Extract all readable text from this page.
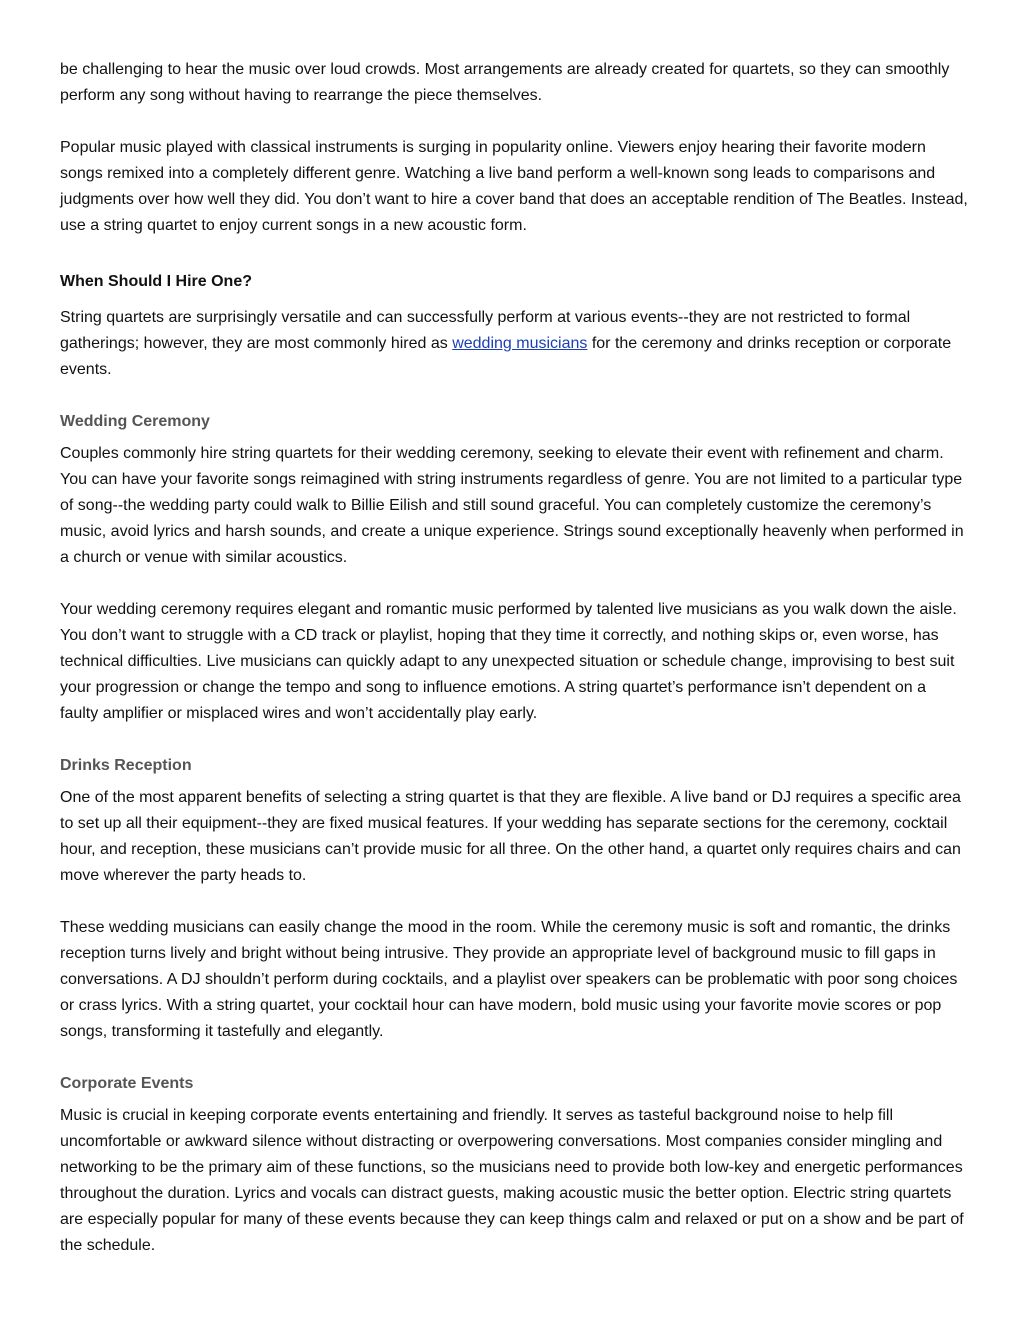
be challenging to hear the music over loud crowds. Most arrangements are already created for quartets, so they can smoothly perform any song without having to rearrange the piece themselves.

Popular music played with classical instruments is surging in popularity online. Viewers enjoy hearing their favorite modern songs remixed into a completely different genre. Watching a live band perform a well-known song leads to comparisons and judgments over how well they did. You don’t want to hire a cover band that does an acceptable rendition of The Beatles. Instead, use a string quartet to enjoy current songs in a new acoustic form.

When Should I Hire One?

String quartets are surprisingly versatile and can successfully perform at various events--they are not restricted to formal gatherings; however, they are most commonly hired as wedding musicians for the ceremony and drinks reception or corporate events.

Wedding Ceremony

Couples commonly hire string quartets for their wedding ceremony, seeking to elevate their event with refinement and charm. You can have your favorite songs reimagined with string instruments regardless of genre. You are not limited to a particular type of song--the wedding party could walk to Billie Eilish and still sound graceful. You can completely customize the ceremony’s music, avoid lyrics and harsh sounds, and create a unique experience. Strings sound exceptionally heavenly when performed in a church or venue with similar acoustics.

Your wedding ceremony requires elegant and romantic music performed by talented live musicians as you walk down the aisle. You don’t want to struggle with a CD track or playlist, hoping that they time it correctly, and nothing skips or, even worse, has technical difficulties. Live musicians can quickly adapt to any unexpected situation or schedule change, improvising to best suit your progression or change the tempo and song to influence emotions. A string quartet’s performance isn’t dependent on a faulty amplifier or misplaced wires and won’t accidentally play early.

Drinks Reception

One of the most apparent benefits of selecting a string quartet is that they are flexible. A live band or DJ requires a specific area to set up all their equipment--they are fixed musical features. If your wedding has separate sections for the ceremony, cocktail hour, and reception, these musicians can’t provide music for all three. On the other hand, a quartet only requires chairs and can move wherever the party heads to.

These wedding musicians can easily change the mood in the room. While the ceremony music is soft and romantic, the drinks reception turns lively and bright without being intrusive. They provide an appropriate level of background music to fill gaps in conversations. A DJ shouldn’t perform during cocktails, and a playlist over speakers can be problematic with poor song choices or crass lyrics. With a string quartet, your cocktail hour can have modern, bold music using your favorite movie scores or pop songs, transforming it tastefully and elegantly.

Corporate Events

Music is crucial in keeping corporate events entertaining and friendly. It serves as tasteful background noise to help fill uncomfortable or awkward silence without distracting or overpowering conversations. Most companies consider mingling and networking to be the primary aim of these functions, so the musicians need to provide both low-key and energetic performances throughout the duration. Lyrics and vocals can distract guests, making acoustic music the better option. Electric string quartets are especially popular for many of these events because they can keep things calm and relaxed or put on a show and be part of the schedule.
